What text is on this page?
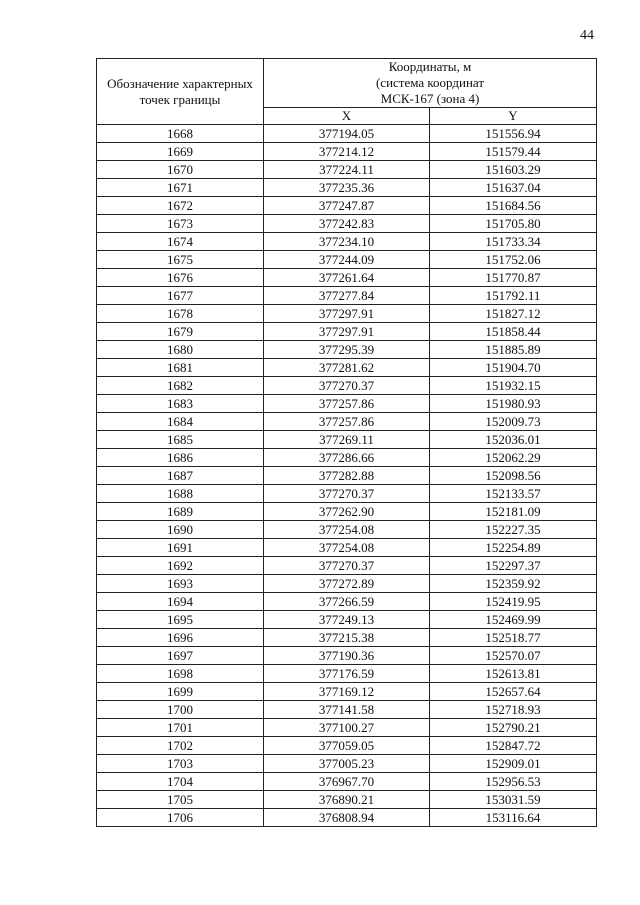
44
Обозначение характерных точек границы	Координаты, м
(система координат
МСК-167 (зона 4)	

	X	Y
1668	377194.05	151556.94
1669	377214.12	151579.44
1670	377224.11	151603.29
1671	377235.36	151637.04
1672	377247.87	151684.56
1673	377242.83	151705.80
1674	377234.10	151733.34
1675	377244.09	151752.06
1676	377261.64	151770.87
1677	377277.84	151792.11
1678	377297.91	151827.12
1679	377297.91	151858.44
1680	377295.39	151885.89
1681	377281.62	151904.70
1682	377270.37	151932.15
1683	377257.86	151980.93
1684	377257.86	152009.73
1685	377269.11	152036.01
1686	377286.66	152062.29
1687	377282.88	152098.56
1688	377270.37	152133.57
1689	377262.90	152181.09
1690	377254.08	152227.35
1691	377254.08	152254.89
1692	377270.37	152297.37
1693	377272.89	152359.92
1694	377266.59	152419.95
1695	377249.13	152469.99
1696	377215.38	152518.77
1697	377190.36	152570.07
1698	377176.59	152613.81
1699	377169.12	152657.64
1700	377141.58	152718.93
1701	377100.27	152790.21
1702	377059.05	152847.72
1703	377005.23	152909.01
1704	376967.70	152956.53
1705	376890.21	153031.59
1706	376808.94	153116.64
